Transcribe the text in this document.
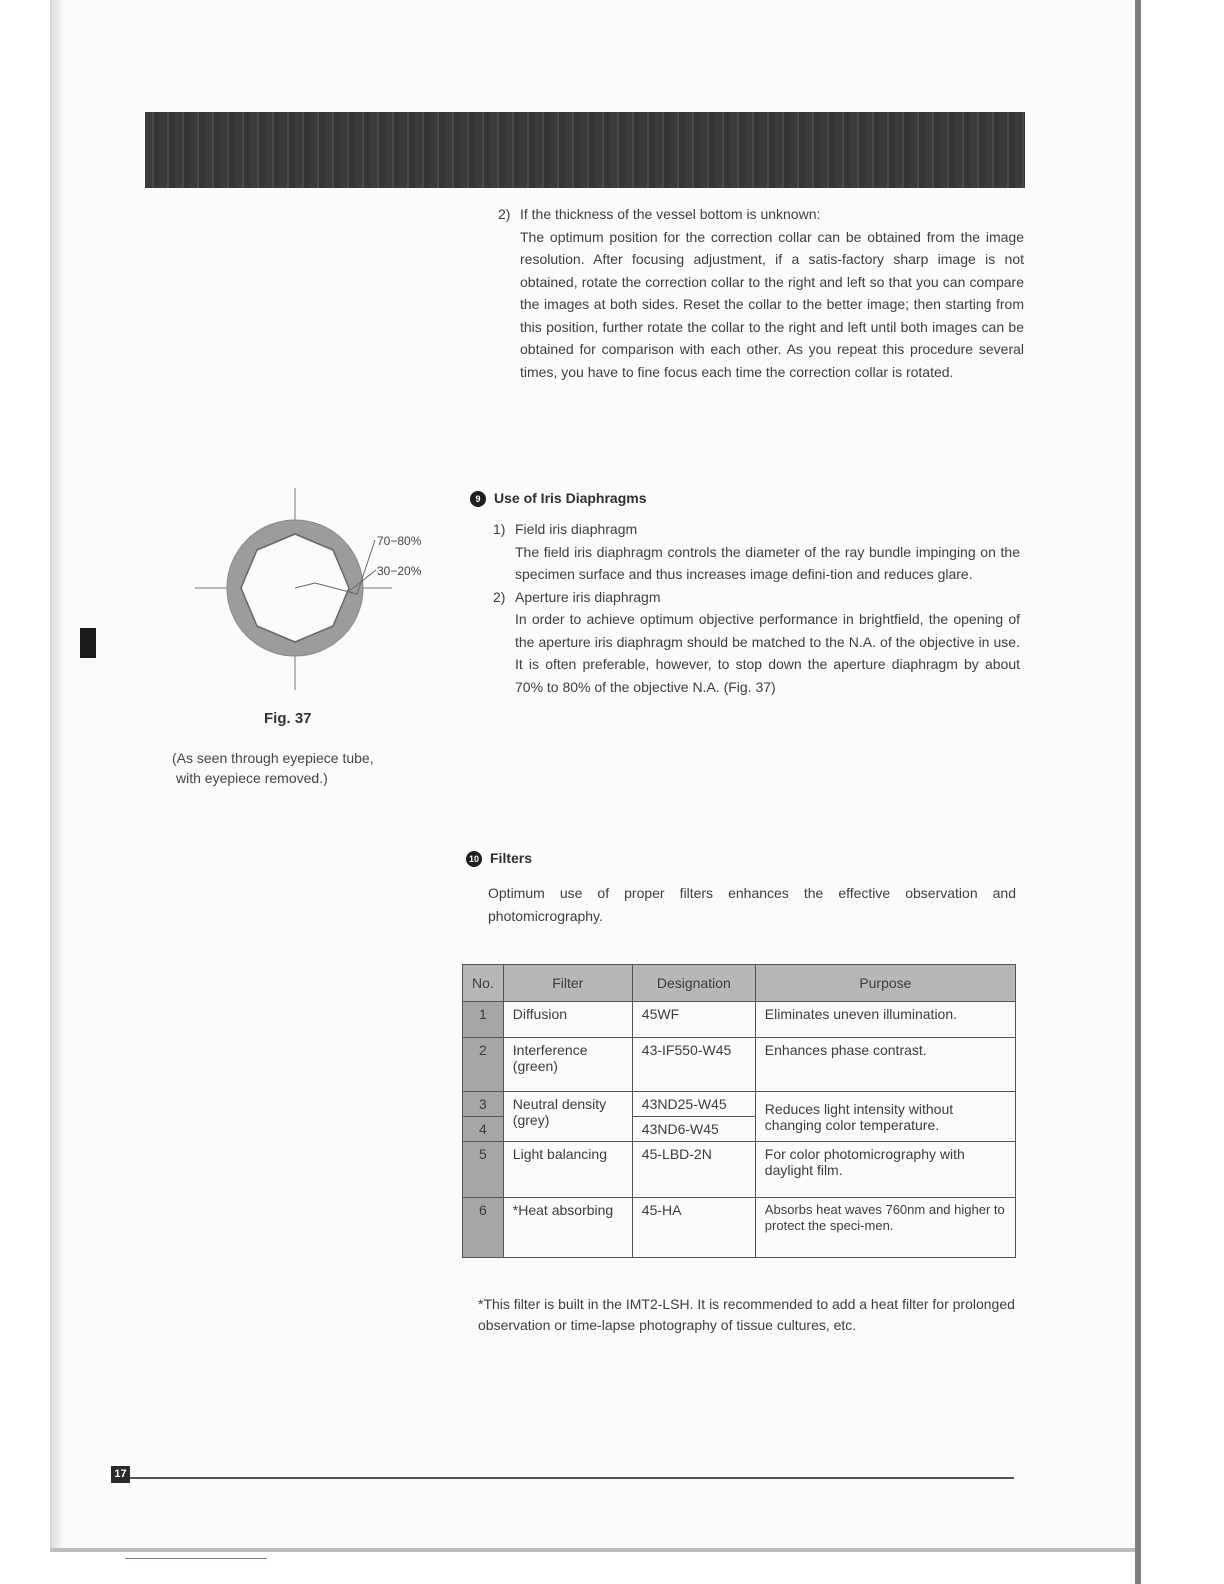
2) If the thickness of the vessel bottom is unknown:
The optimum position for the correction collar can be obtained from the image resolution. After focusing adjustment, if a satis-factory sharp image is not obtained, rotate the correction collar to the right and left so that you can compare the images at both sides. Reset the collar to the better image; then starting from this position, further rotate the collar to the right and left until both images can be obtained for comparison with each other. As you repeat this procedure several times, you have to fine focus each time the correction collar is rotated.
9 Use of Iris Diaphragms
1) Field iris diaphragm
The field iris diaphragm controls the diameter of the ray bundle impinging on the specimen surface and thus increases image defini-tion and reduces glare.
2) Aperture iris diaphragm
In order to achieve optimum objective performance in brightfield, the opening of the aperture iris diaphragm should be matched to the N.A. of the objective in use. It is often preferable, however, to stop down the aperture diaphragm by about 70% to 80% of the objective N.A. (Fig. 37)
70−80%
30−20%
Fig. 37
(As seen through eyepiece tube,
with eyepiece removed.)
10 Filters
Optimum use of proper filters enhances the effective observation and photomicrography.
No.	Filter	Designation	Purpose
1	Diffusion	45WF	Eliminates uneven illumination.
2	Interference (green)	43-IF550-W45	Enhances phase contrast.
3	Neutral density (grey)	43ND25-W45	Reduces light intensity without changing color temperature.
4		43ND6-W45	
5	Light balancing	45-LBD-2N	For color photomicrography with daylight film.
6	*Heat absorbing	45-HA	Absorbs heat waves 760nm and higher to protect the speci-men.
*This filter is built in the IMT2-LSH. It is recommended to add a heat filter for prolonged observation or time-lapse photography of tissue cultures, etc.
17
